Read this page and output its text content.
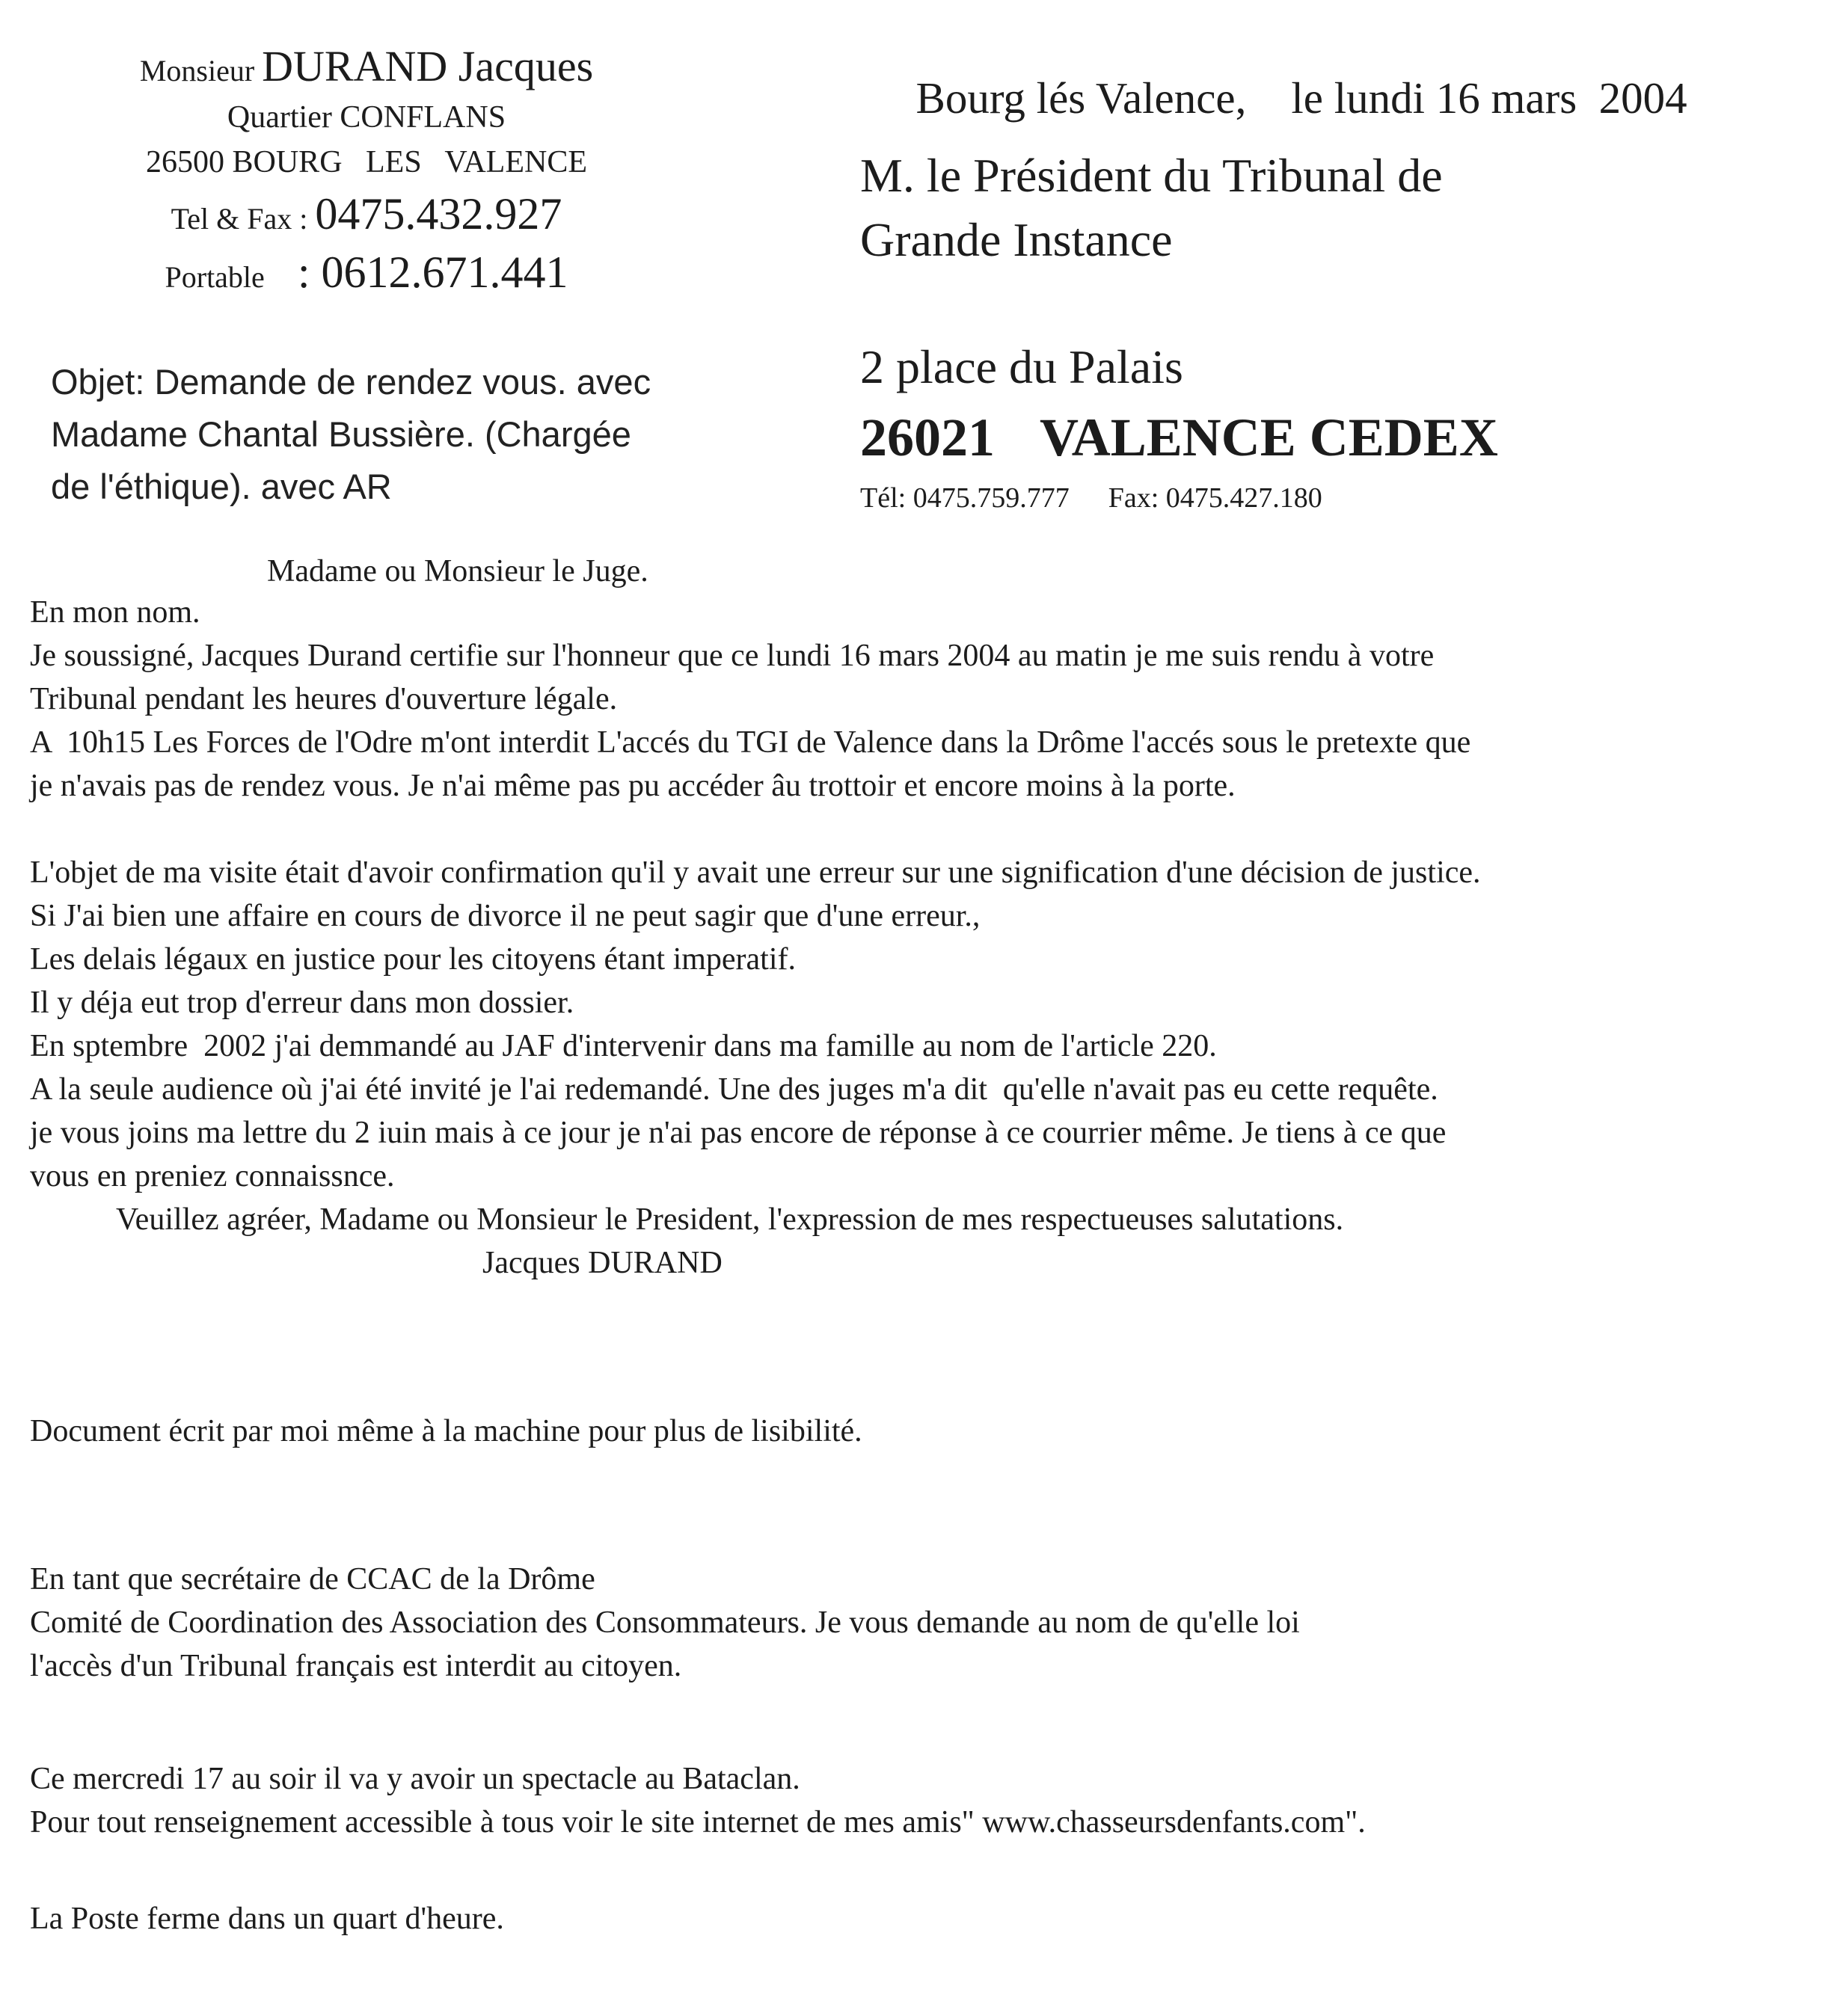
Monsieur DURAND Jacques
Quartier CONFLANS
26500 BOURG   LES   VALENCE
Tel & Fax : 0475.432.927
Portable : 0612.671.441

Bourg lés Valence, le lundi 16 mars  2004

M. le Président du Tribunal de
Grande Instance
2 place du Palais
26021 VALENCE CEDEX
Tél: 0475.759.777 Fax: 0475.427.180
Objet: Demande de rendez vous. avec
Madame Chantal Bussière. (Chargée
de l'éthique). avec AR
Madame ou Monsieur le Juge.
En mon nom.
Je soussigné, Jacques Durand certifie sur l'honneur que ce lundi 16 mars 2004 au matin je me suis rendu à votre
Tribunal pendant les heures d'ouverture légale.
A  10h15 Les Forces de l'Odre m'ont interdit L'accés du TGI de Valence dans la Drôme l'accés sous le pretexte que
je n'avais pas de rendez vous. Je n'ai même pas pu accéder âu trottoir et encore moins à la porte.
L'objet de ma visite était d'avoir confirmation qu'il y avait une erreur sur une signification d'une décision de justice.
Si J'ai bien une affaire en cours de divorce il ne peut sagir que d'une erreur.,
Les delais légaux en justice pour les citoyens étant imperatif.
Il y déja eut trop d'erreur dans mon dossier.
En sptembre  2002 j'ai demmandé au JAF d'intervenir dans ma famille au nom de l'article 220.
A la seule audience où j'ai été invité je l'ai redemandé. Une des juges m'a dit  qu'elle n'avait pas eu cette requête.
je vous joins ma lettre du 2 iuin mais à ce jour je n'ai pas encore de réponse à ce courrier même. Je tiens à ce que
vous en preniez connaissnce.
Veuillez agréer, Madame ou Monsieur le President, l'expression de mes respectueuses salutations.
Jacques DURAND
Document écrit par moi même à la machine pour plus de lisibilité.
En tant que secrétaire de CCAC de la Drôme
Comité de Coordination des Association des Consommateurs. Je vous demande au nom de qu'elle loi
l'accès d'un Tribunal français est interdit au citoyen.
Ce mercredi 17 au soir il va y avoir un spectacle au Bataclan.
Pour tout renseignement accessible à tous voir le site internet de mes amis" www.chasseursdenfants.com".
La Poste ferme dans un quart d'heure.
